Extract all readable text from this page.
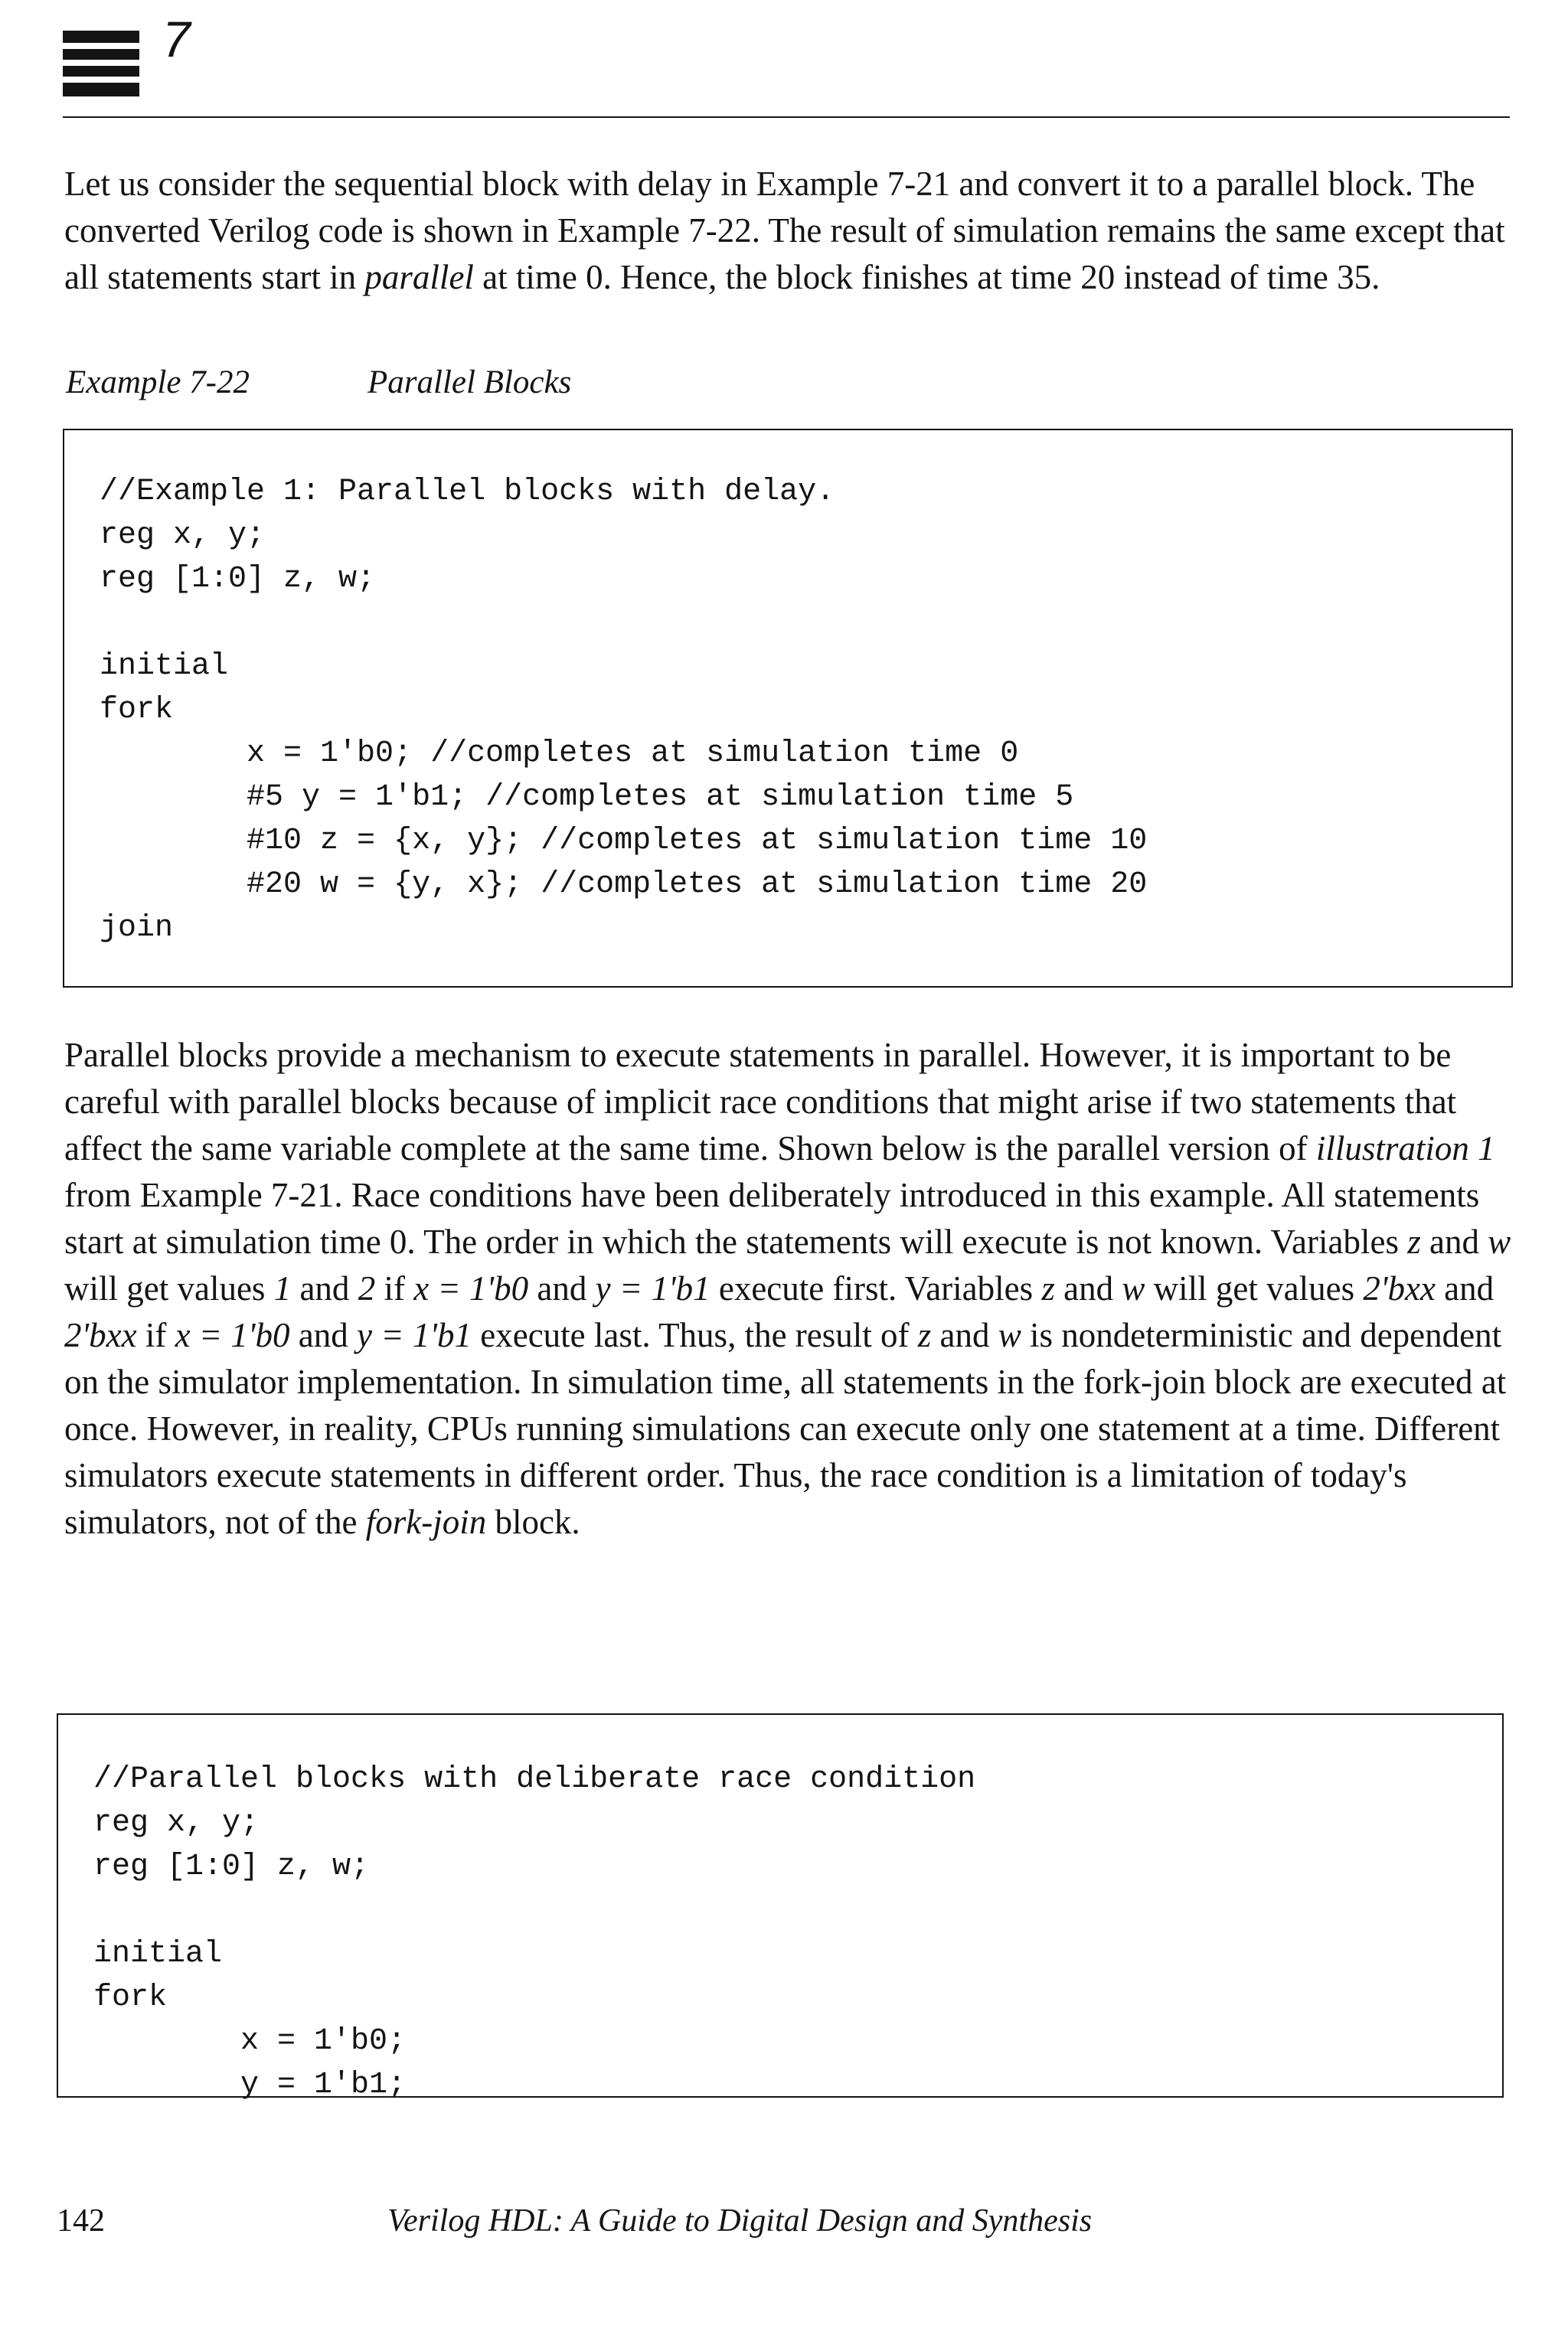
7

Let us consider the sequential block with delay in Example 7-21 and convert it to a parallel block. The converted Verilog code is shown in Example 7-22. The result of simulation remains the same except that all statements start in parallel at time 0. Hence, the block finishes at time 20 instead of time 35.

Example 7-22	Parallel Blocks
//Example 1: Parallel blocks with delay.
reg x, y;
reg [1:0] z, w;

initial
fork
x = 1'b0; //completes at simulation time 0
#5 y = 1'b1; //completes at simulation time 5
#10 z = {x, y}; //completes at simulation time 10
#20 w = {y, x}; //completes at simulation time 20
join

Parallel blocks provide a mechanism to execute statements in parallel. However, it is important to be careful with parallel blocks because of implicit race conditions that might arise if two statements that affect the same variable complete at the same time. Shown below is the parallel version of illustration 1 from Example 7-21. Race conditions have been deliberately introduced in this example. All statements start at simulation time 0. The order in which the statements will execute is not known. Variables z and w will get values 1 and 2 if x = 1'b0 and y = 1'b1 execute first. Variables z and w will get values 2'bxx and 2'bxx if x = 1'b0 and y = 1'b1 execute last. Thus, the result of z and w is nondeterministic and dependent on the simulator implementation. In simulation time, all statements in the fork-join block are executed at once. However, in reality, CPUs running simulations can execute only one statement at a time. Different simulators execute statements in different order. Thus, the race condition is a limitation of today's simulators, not of the fork-join block.

//Parallel blocks with deliberate race condition
reg x, y;
reg [1:0] z, w;

initial
fork
x = 1'b0;
y = 1'b1;
142	Verilog HDL: A Guide to Digital Design and Synthesis
